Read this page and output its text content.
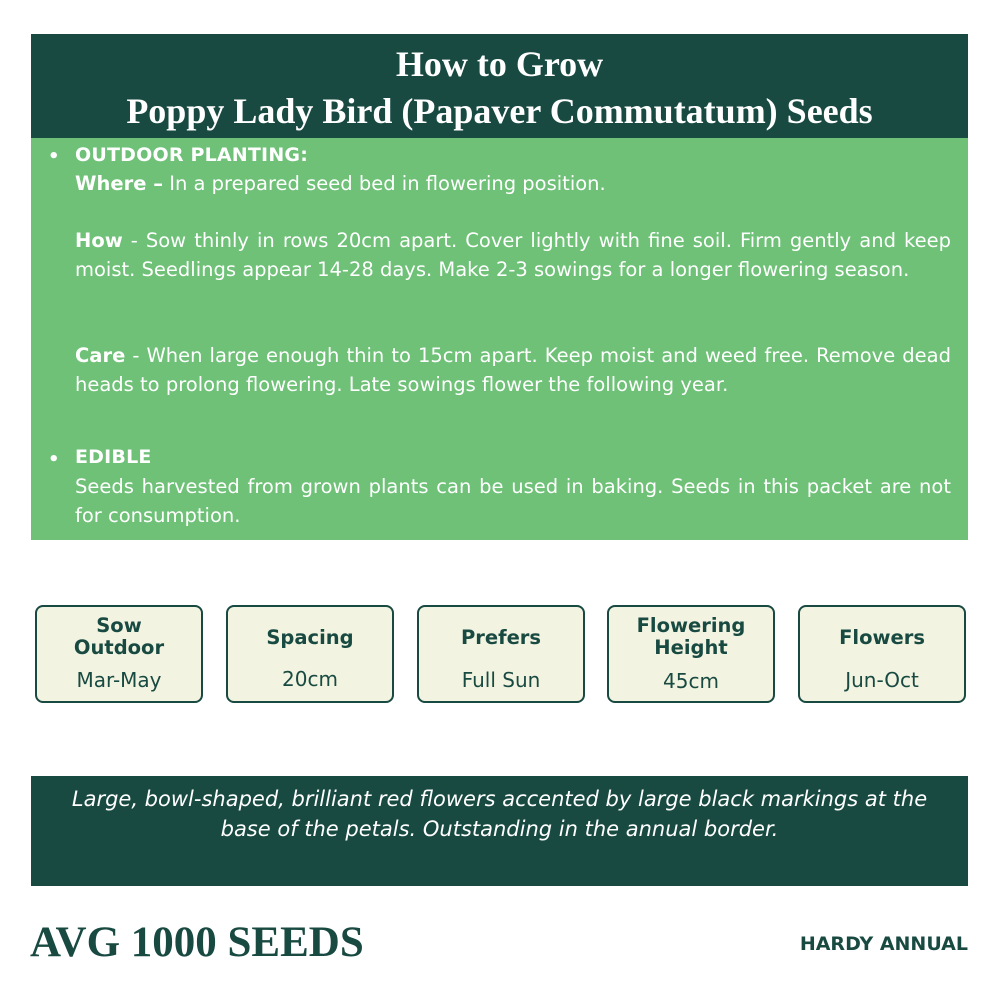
How to Grow
Poppy Lady Bird (Papaver Commutatum) Seeds
• OUTDOOR PLANTING:
Where – In a prepared seed bed in flowering position.
How - Sow thinly in rows 20cm apart. Cover lightly with fine soil. Firm gently and keep moist. Seedlings appear 14-28 days. Make 2-3 sowings for a longer flowering season.
Care - When large enough thin to 15cm apart. Keep moist and weed free. Remove dead heads to prolong flowering. Late sowings flower the following year.
• EDIBLE
Seeds harvested from grown plants can be used in baking. Seeds in this packet are not for consumption.
Sow
Outdoor
Mar-May
Spacing
20cm
Prefers
Full Sun
Flowering
Height
45cm
Flowers
Jun-Oct
Large, bowl-shaped, brilliant red flowers accented by large black markings at the base of the petals. Outstanding in the annual border.
AVG 1000 SEEDS	HARDY ANNUAL
